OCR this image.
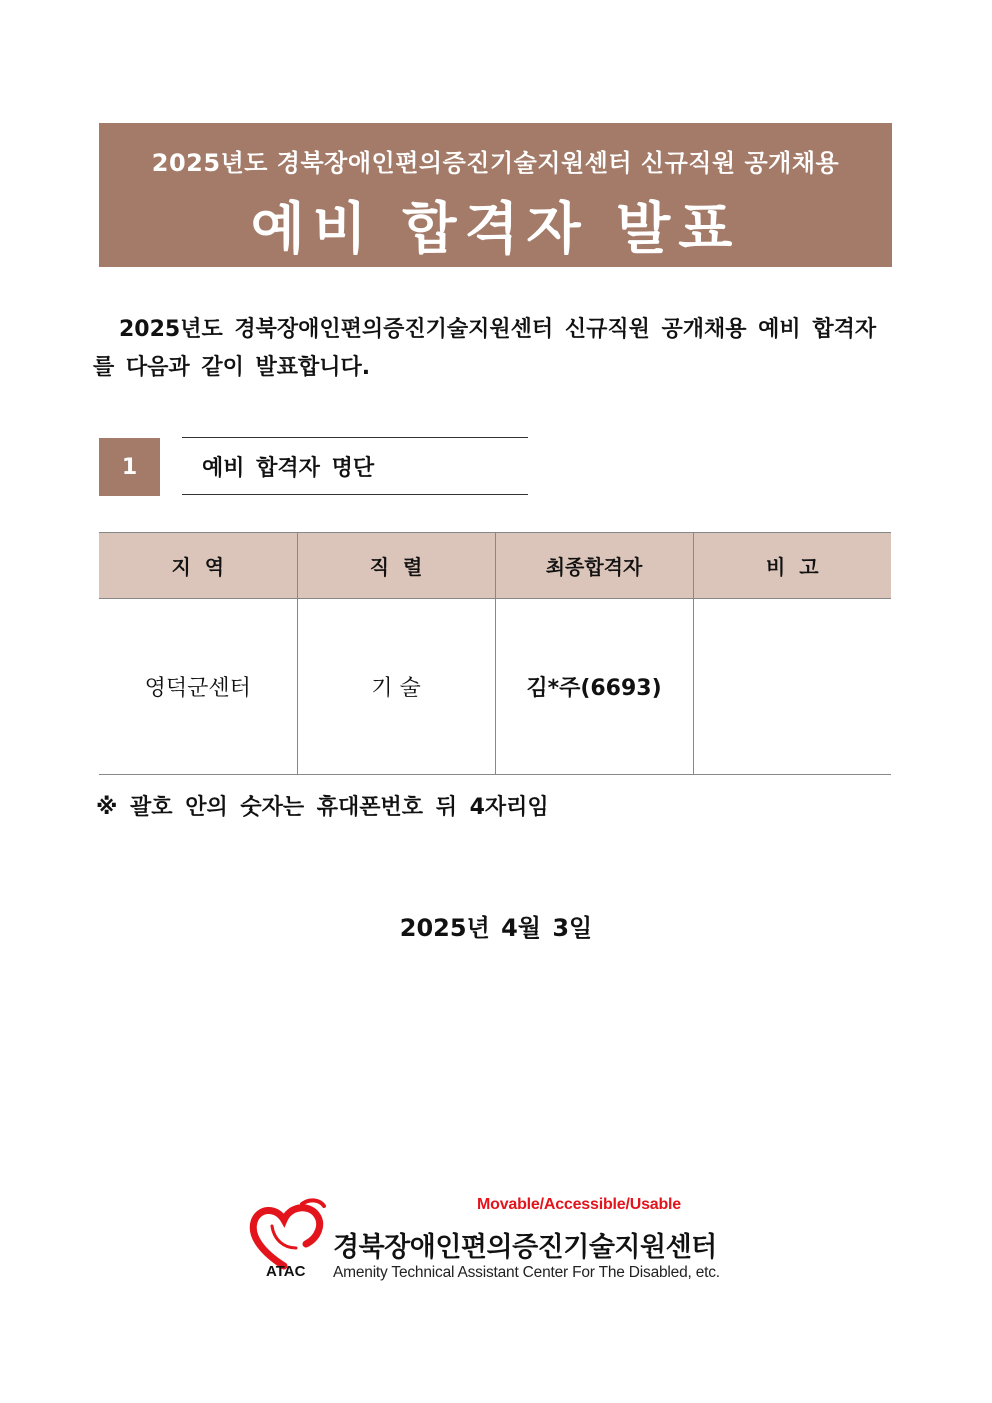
2025년도 경북장애인편의증진기술지원센터 신규직원 공개채용
예비 합격자 발표
2025년도 경북장애인편의증진기술지원센터 신규직원 공개채용 예비 합격자를 다음과 같이 발표합니다.
1	예비 합격자 명단
지  역	직  렬	최종합격자	비  고
영덕군센터	기 술	김*주(6693)	
※ 괄호 안의 숫자는 휴대폰번호 뒤 4자리임
2025년 4월 3일
ATAC
Movable/Accessible/Usable
경북장애인편의증진기술지원센터
Amenity Technical Assistant Center For The Disabled, etc.
